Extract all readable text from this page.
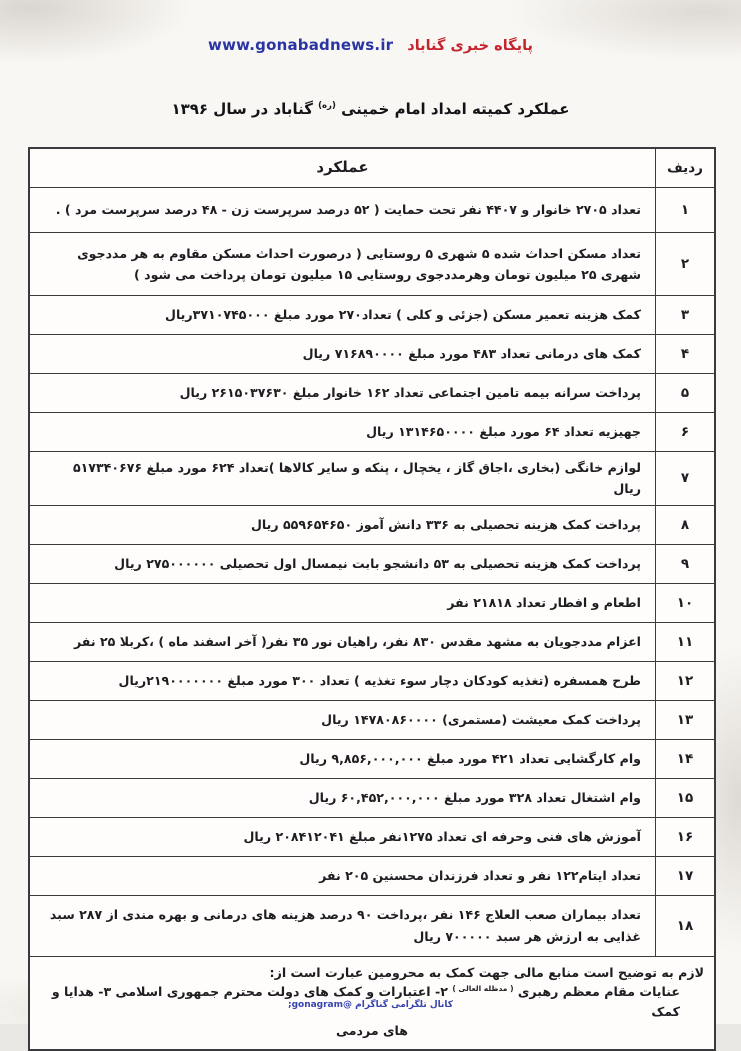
پایگاه خبری گناباد
www.gonabadnews.ir
عملکرد کمیته امداد امام خمینی $^{(ره)}$ گناباد در سال ۱۳۹۶
ردیف
عملکرد
۱
تعداد ۲۷۰۵ خانوار و ۴۴۰۷ نفر تحت حمایت ( ۵۲ درصد سرپرست زن - ۴۸ درصد سرپرست مرد ) .
۲
تعداد مسکن احداث شده ۵ شهری ۵ روستایی ( درصورت احداث مسکن مقاوم به هر مددجوی شهری ۲۵ میلیون تومان وهرمددجوی روستایی ۱۵ میلیون تومان پرداخت می شود )
۳
کمک هزینه تعمیر مسکن (جزئی و کلی ) تعداد۲۷۰ مورد مبلغ ۳۷۱۰۷۴۵۰۰۰ریال
۴
کمک های درمانی تعداد ۴۸۳ مورد مبلغ ۷۱۶۸۹۰۰۰۰ ریال
۵
پرداخت سرانه بیمه تامین اجتماعی تعداد ۱۶۲ خانوار مبلغ ۲۶۱۵۰۳۷۶۳۰ ریال
۶
جهیزیه تعداد ۶۴ مورد مبلغ ۱۳۱۴۶۵۰۰۰۰ ریال
۷
لوازم خانگی (بخاری ،اجاق گاز ، یخچال ، پنکه و سایر کالاها )تعداد ۶۲۴ مورد مبلغ ۵۱۷۳۴۰۶۷۶ ریال
۸
پرداخت کمک هزینه تحصیلی به ۳۳۶ دانش آموز ۵۵۹۶۵۴۶۵۰ ریال
۹
پرداخت کمک هزینه تحصیلی به ۵۳ دانشجو بابت نیمسال اول تحصیلی ۲۷۵۰۰۰۰۰۰ ریال
۱۰
اطعام و افطار تعداد ۲۱۸۱۸ نفر
۱۱
اعزام مددجویان به مشهد مقدس ۸۳۰ نفر، راهیان نور ۳۵ نفر( آخر اسفند ماه ) ،کربلا ۲۵ نفر
۱۲
طرح همسفره (تغذیه کودکان دچار سوء تغذیه ) تعداد ۳۰۰ مورد مبلغ ۲۱۹۰۰۰۰۰۰۰ریال
۱۳
پرداخت کمک معیشت (مستمری) ۱۴۷۸۰۸۶۰۰۰۰ ریال
۱۴
وام کارگشایی تعداد ۴۲۱ مورد مبلغ ۹,۸۵۶,۰۰۰,۰۰۰ ریال
۱۵
وام اشتغال تعداد ۳۲۸ مورد مبلغ ۶۰,۴۵۲,۰۰۰,۰۰۰ ریال
۱۶
آموزش های فنی وحرفه ای تعداد ۱۲۷۵نفر مبلغ ۲۰۸۴۱۲۰۴۱ ریال
۱۷
تعداد ایتام۱۲۲ نفر و تعداد فرزندان محسنین ۲۰۵ نفر
۱۸
تعداد بیماران صعب العلاج ۱۴۶ نفر ،پرداخت ۹۰ درصد هزینه های درمانی و بهره مندی از ۲۸۷ سبد غذایی به ارزش هر سبد ۷۰۰۰۰۰ ریال

لازم به توضیح است منابع مالی جهت کمک به محرومین عبارت است از:

عنایات مقام معظم رهبری $^{( مدظله العالی )}$ ۲- اعتبارات و کمک های دولت محترم جمهوری اسلامی ۳- هدایا و کمک

های مردمی

کانال تلگرامی گناگرام @gonagram;
